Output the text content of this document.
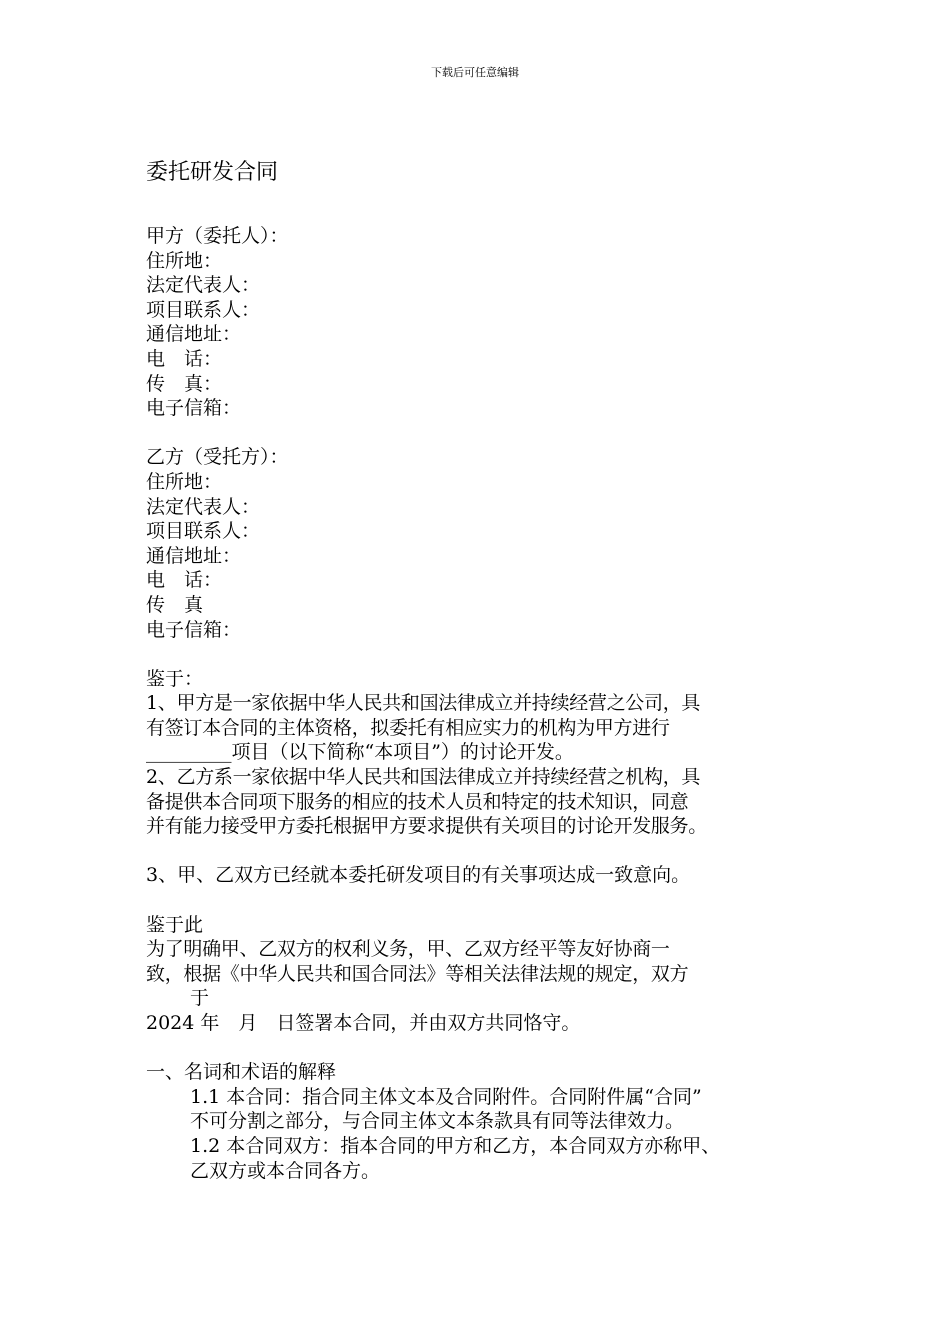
下载后可任意编辑
委托研发合同
甲方（委托人）：
住所地：
法定代表人：
项目联系人：
通信地址：
电　话：
传　真：
电子信箱：
乙方（受托方）：
住所地：
法定代表人：
项目联系人：
通信地址：
电　话：
传　真
电子信箱：
鉴于：
1、甲方是一家依据中华人民共和国法律成立并持续经营之公司，具
有签订本合同的主体资格，拟委托有相应实力的机构为甲方进行
_________项目（以下简称“本项目”）的讨论开发。
2、乙方系一家依据中华人民共和国法律成立并持续经营之机构，具
备提供本合同项下服务的相应的技术人员和特定的技术知识，同意
并有能力接受甲方委托根据甲方要求提供有关项目的讨论开发服务。
3、甲、乙双方已经就本委托研发项目的有关事项达成一致意向。
鉴于此
为了明确甲、乙双方的权利义务，甲、乙双方经平等友好协商一
致，根据《中华人民共和国合同法》等相关法律法规的规定，双方
于
2024 年　月　日签署本合同，并由双方共同恪守。
一、名词和术语的解释
1.1 本合同：指合同主体文本及合同附件。合同附件属“合同”
不可分割之部分，与合同主体文本条款具有同等法律效力。
1.2 本合同双方：指本合同的甲方和乙方，本合同双方亦称甲、
乙双方或本合同各方。
